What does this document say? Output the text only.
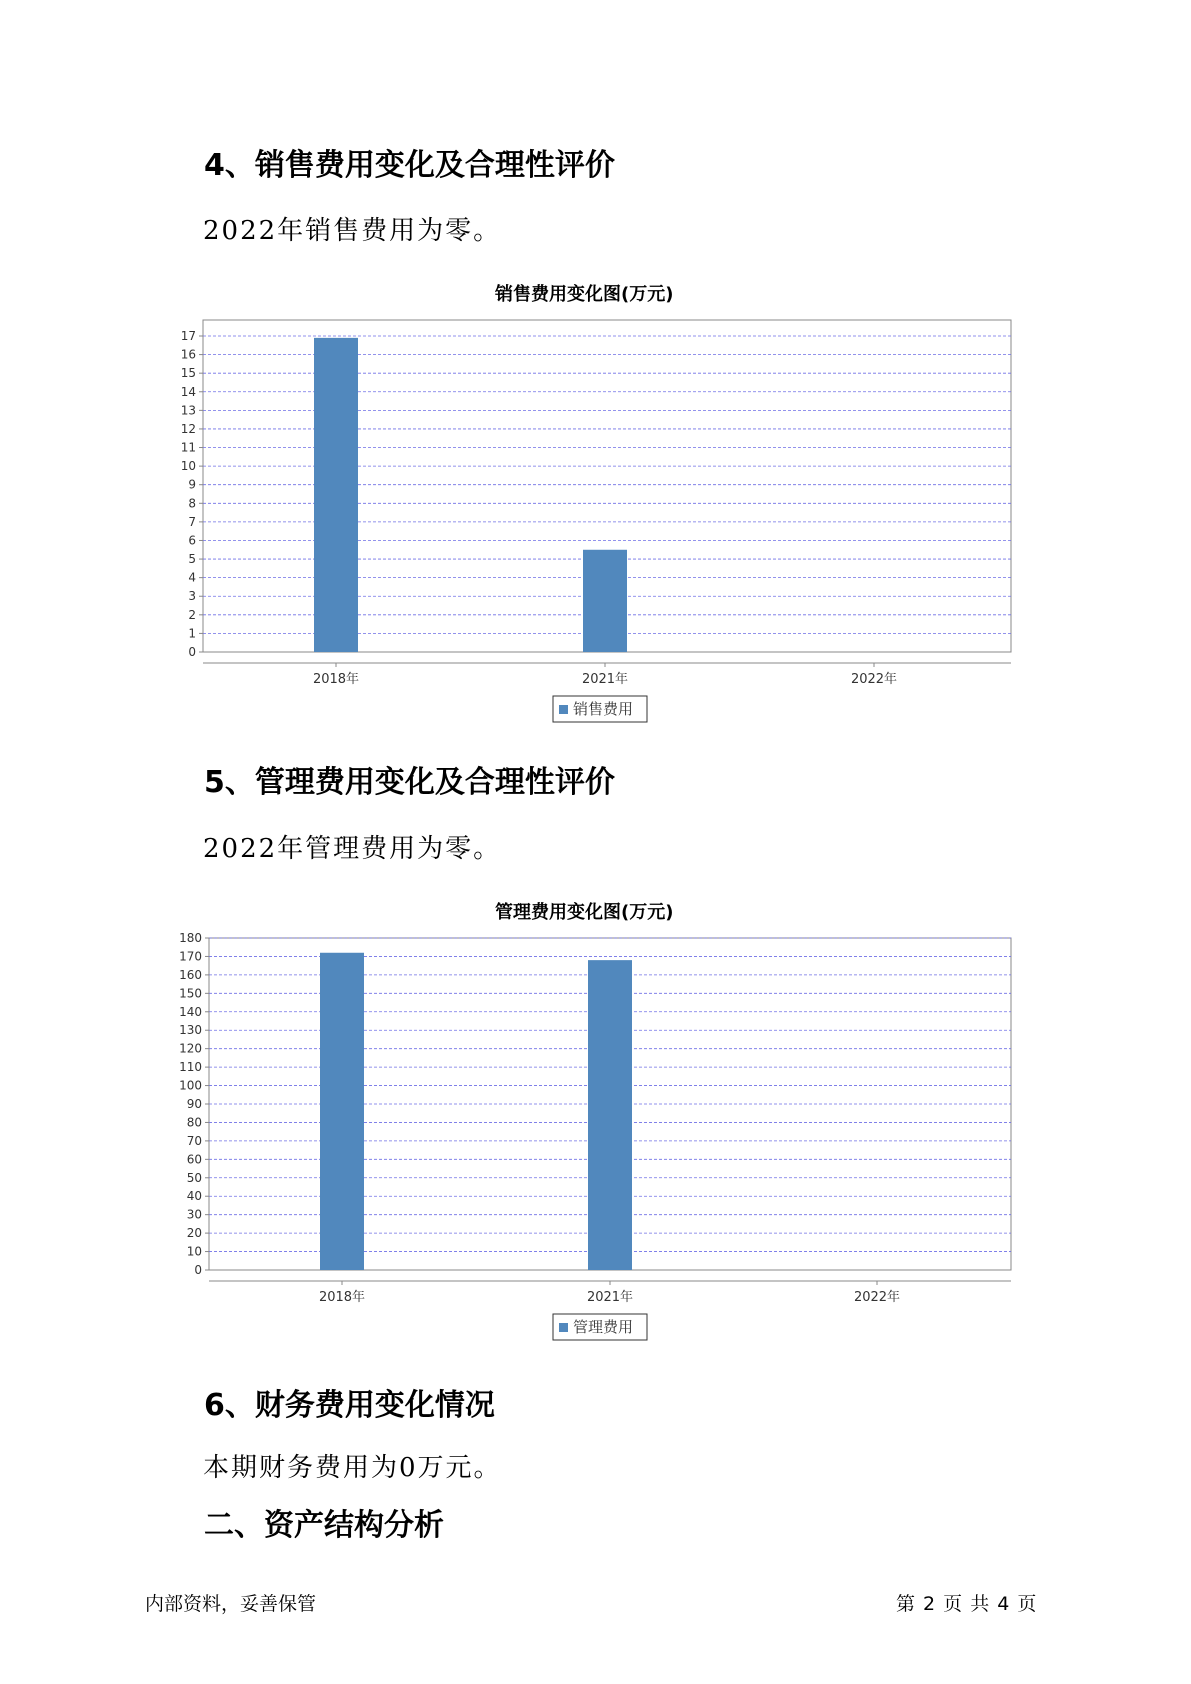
4、销售费用变化及合理性评价

2022年销售费用为零。

销售费用变化图(万元)
0
1
2
3
4
5
6
7
8
9
10
11
12
13
14
15
16
17
2018年	2021年	2022年
销售费用
5、管理费用变化及合理性评价

2022年管理费用为零。

管理费用变化图(万元)
0
10
20
30
40
50
60
70
80
90
100
110
120
130
140
150
160
170
180
2018年	2021年	2022年
管理费用
6、财务费用变化情况

本期财务费用为0万元。

二、资产结构分析
内部资料，妥善保管	第 2 页 共 4 页
